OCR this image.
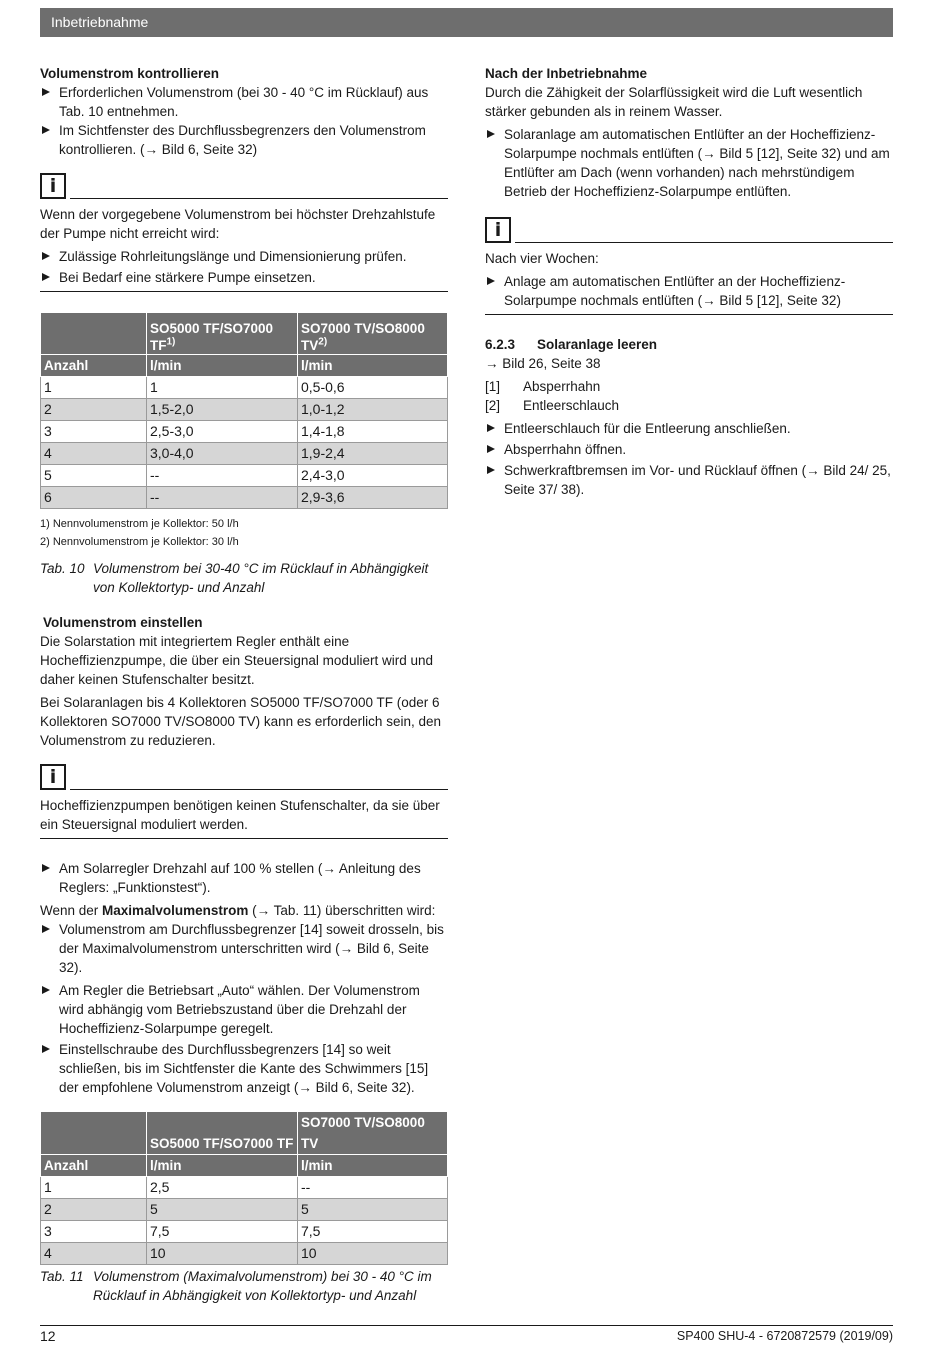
Inbetriebnahme
Volumenstrom kontrollieren
Erforderlichen Volumenstrom (bei 30 - 40 °C im Rücklauf) aus Tab. 10 entnehmen.
Im Sichtfenster des Durchflussbegrenzers den Volumenstrom kontrollieren. (→ Bild 6, Seite 32)
i

Wenn der vorgegebene Volumenstrom bei höchster Drehzahlstufe der Pumpe nicht erreicht wird:

Zulässige Rohrleitungslänge und Dimensionierung prüfen.
Bei Bedarf eine stärkere Pumpe einsetzen.
	SO5000 TF/SO7000 TF$^{1)}$	SO7000 TV/SO8000 TV$^{2)}$
Anzahl	l/min	l/min
1	1	0,5-0,6
2	1,5-2,0	1,0-1,2
3	2,5-3,0	1,4-1,8
4	3,0-4,0	1,9-2,4
5	--	2,4-3,0
6	--	2,9-3,6
1) Nennvolumenstrom je Kollektor: 50 l/h
2) Nennvolumenstrom je Kollektor: 30 l/h
Tab. 10 Volumenstrom bei 30-40 °C im Rücklauf in Abhängigkeit von Kollektortyp- und Anzahl
Volumenstrom einstellen

Die Solarstation mit integriertem Regler enthält eine Hocheffizienzpumpe, die über ein Steuersignal moduliert wird und daher keinen Stufenschalter besitzt.

Bei Solaranlagen bis 4 Kollektoren SO5000 TF/SO7000 TF (oder 6 Kollektoren SO7000 TV/SO8000 TV) kann es erforderlich sein, den Volumenstrom zu reduzieren.

i

Hocheffizienzpumpen benötigen keinen Stufenschalter, da sie über ein Steuersignal moduliert werden.

Am Solarregler Drehzahl auf 100 % stellen (→ Anleitung des Reglers: „Funktionstest“).

Wenn der Maximalvolumenstrom (→ Tab. 11) überschritten wird:

Volumenstrom am Durchflussbegrenzer [14] soweit drosseln, bis der Maximalvolumenstrom unterschritten wird (→ Bild 6, Seite 32).
Am Regler die Betriebsart „Auto“ wählen. Der Volumenstrom wird abhängig vom Betriebszustand über die Drehzahl der Hocheffizienz-Solarpumpe geregelt.
Einstellschraube des Durchflussbegrenzers [14] so weit schließen, bis im Sichtfenster die Kante des Schwimmers [15] der empfohlene Volumenstrom anzeigt (→ Bild 6, Seite 32).
	SO5000 TF/SO7000 TF	SO7000 TV/SO8000 TV
Anzahl	l/min	l/min
1	2,5	--
2	5	5
3	7,5	7,5
4	10	10
Tab. 11 Volumenstrom (Maximalvolumenstrom) bei 30 - 40 °C im Rücklauf in Abhängigkeit von Kollektortyp- und Anzahl
Nach der Inbetriebnahme

Durch die Zähigkeit der Solarflüssigkeit wird die Luft wesentlich stärker gebunden als in reinem Wasser.

Solaranlage am automatischen Entlüfter an der Hocheffizienz-Solarpumpe nochmals entlüften (→ Bild 5 [12], Seite 32) und am Entlüfter am Dach (wenn vorhanden) nach mehrstündigem Betrieb der Hocheffizienz-Solarpumpe entlüften.
i

Nach vier Wochen:

Anlage am automatischen Entlüfter an der Hocheffizienz-Solarpumpe nochmals entlüften (→ Bild 5 [12], Seite 32)
6.2.3 Solaranlage leeren

→ Bild 26, Seite 38

[1]	Absperrhahn
[2]	Entleerschlauch
Entleerschlauch für die Entleerung anschließen.
Absperrhahn öffnen.
Schwerkraftbremsen im Vor- und Rücklauf öffnen (→ Bild 24/ 25, Seite 37/ 38).
12	SP400 SHU-4 - 6720872579 (2019/09)
